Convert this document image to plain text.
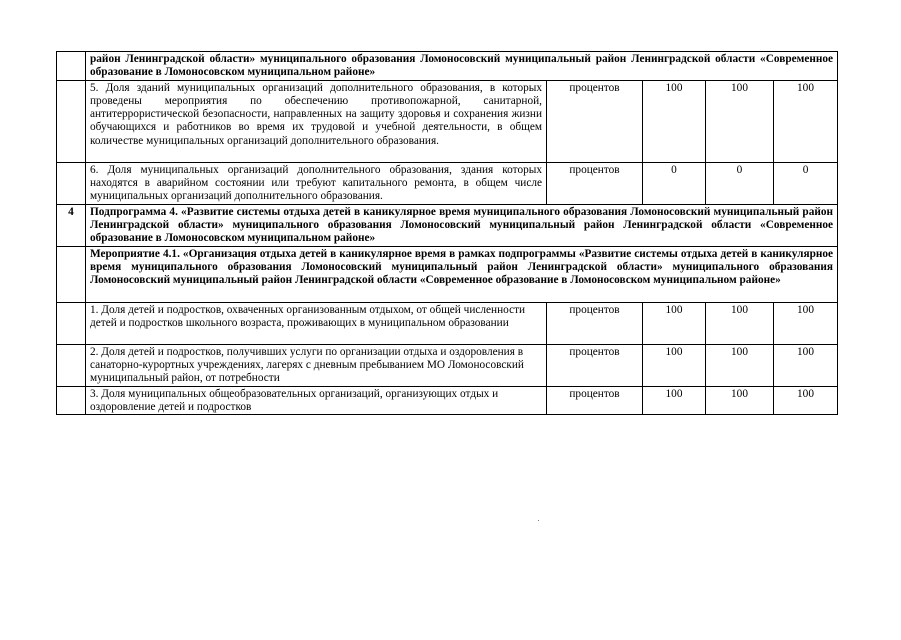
	район Ленинградской области» муниципального образования Ломоносовский муниципальный район Ленинградской области «Современное образование в Ломоносовском муниципальном районе»				
	5. Доля зданий муниципальных организаций дополнительного образования, в которых проведены мероприятия по обеспечению противопожарной, санитарной, антитеррористической безопасности, направленных на защиту здоровья и сохранения жизни обучающихся и работников во время их трудовой и учебной деятельности, в общем количестве муниципальных организаций дополнительного образования.	процентов	100	100	100
	6. Доля муниципальных организаций дополнительного образования, здания которых находятся в аварийном состоянии или требуют капитального ремонта, в общем числе муниципальных организаций дополнительного образования.	процентов	0	0	0
4	Подпрограмма 4. «Развитие системы отдыха детей в каникулярное время муниципального образования Ломоносовский муниципальный район Ленинградской области» муниципального образования Ломоносовский муниципальный район Ленинградской области «Современное образование в Ломоносовском муниципальном районе»				
	Мероприятие 4.1. «Организация отдыха детей в каникулярное время в рамках подпрограммы «Развитие системы отдыха детей в каникулярное время муниципального образования Ломоносовский муниципальный район Ленинградской области» муниципального образования Ломоносовский муниципальный район Ленинградской области «Современное образование в Ломоносовском муниципальном районе»				
	1. Доля детей и подростков, охваченных организованным отдыхом, от общей численности детей и подростков школьного возраста, проживающих в муниципальном образовании	процентов	100	100	100
	2. Доля детей и подростков, получивших услуги по организации отдыха и оздоровления в санаторно-курортных учреждениях, лагерях с дневным пребыванием МО Ломоносовский муниципальный район, от потребности	процентов	100	100	100
	3. Доля муниципальных общеобразовательных организаций, организующих отдых и оздоровление детей и подростков	процентов	100	100	100
